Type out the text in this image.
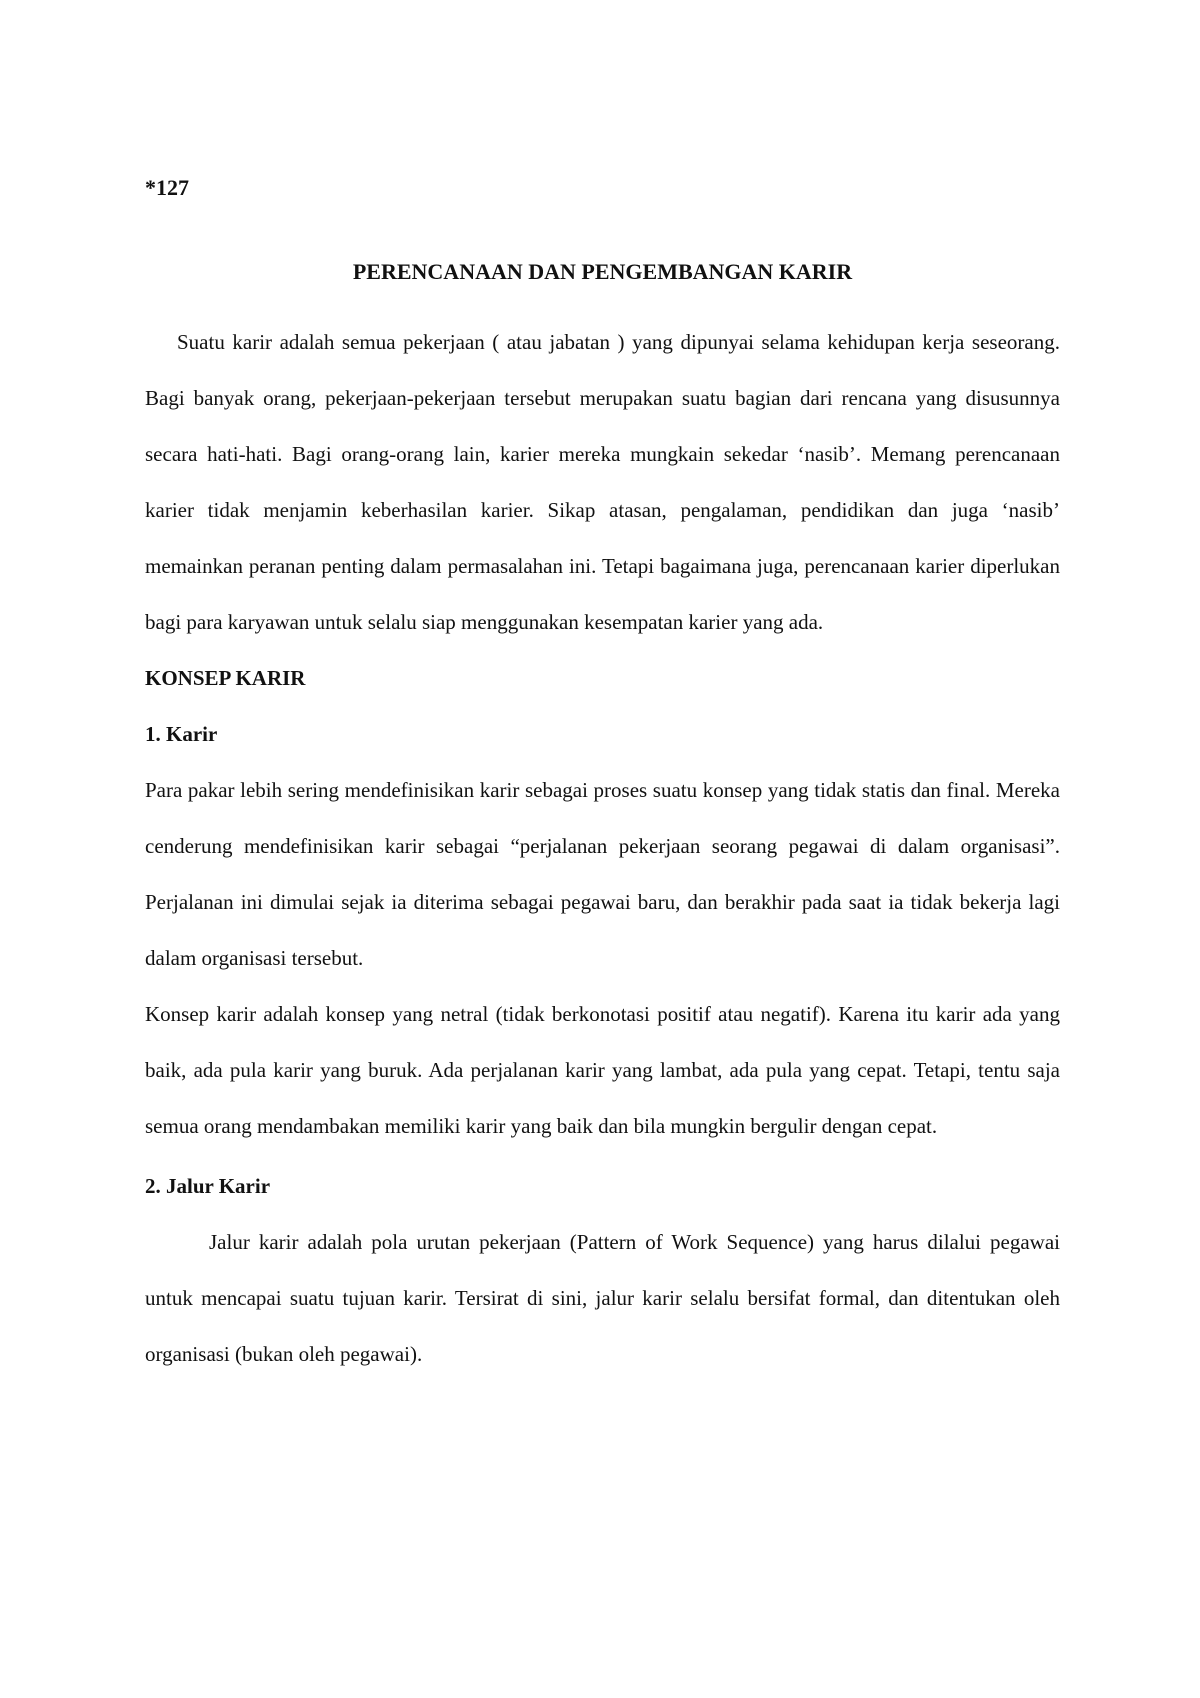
*127
PERENCANAAN DAN PENGEMBANGAN KARIR

Suatu karir adalah semua pekerjaan ( atau jabatan ) yang dipunyai selama kehidupan kerja seseorang. Bagi banyak orang, pekerjaan-pekerjaan tersebut merupakan suatu bagian dari rencana yang disusunnya secara hati-hati. Bagi orang-orang lain, karier mereka mungkain sekedar ‘nasib’. Memang perencanaan karier tidak menjamin keberhasilan karier. Sikap atasan, pengalaman, pendidikan dan juga ‘nasib’ memainkan peranan penting dalam permasalahan ini. Tetapi bagaimana juga, perencanaan karier diperlukan bagi para karyawan untuk selalu siap menggunakan kesempatan karier yang ada.

KONSEP KARIR
1. Karir

Para pakar lebih sering mendefinisikan karir sebagai proses suatu konsep yang tidak statis dan final. Mereka cenderung mendefinisikan karir sebagai “perjalanan pekerjaan seorang pegawai di dalam organisasi”. Perjalanan ini dimulai sejak ia diterima sebagai pegawai baru, dan berakhir pada saat ia tidak bekerja lagi dalam organisasi tersebut.

Konsep karir adalah konsep yang netral (tidak berkonotasi positif atau negatif). Karena itu karir ada yang baik, ada pula karir yang buruk. Ada perjalanan karir yang lambat, ada pula yang cepat. Tetapi, tentu saja semua orang mendambakan memiliki karir yang baik dan bila mungkin bergulir dengan cepat.

2. Jalur Karir

Jalur karir adalah pola urutan pekerjaan (Pattern of Work Sequence) yang harus dilalui pegawai untuk mencapai suatu tujuan karir. Tersirat di sini, jalur karir selalu bersifat formal, dan ditentukan oleh organisasi (bukan oleh pegawai).
